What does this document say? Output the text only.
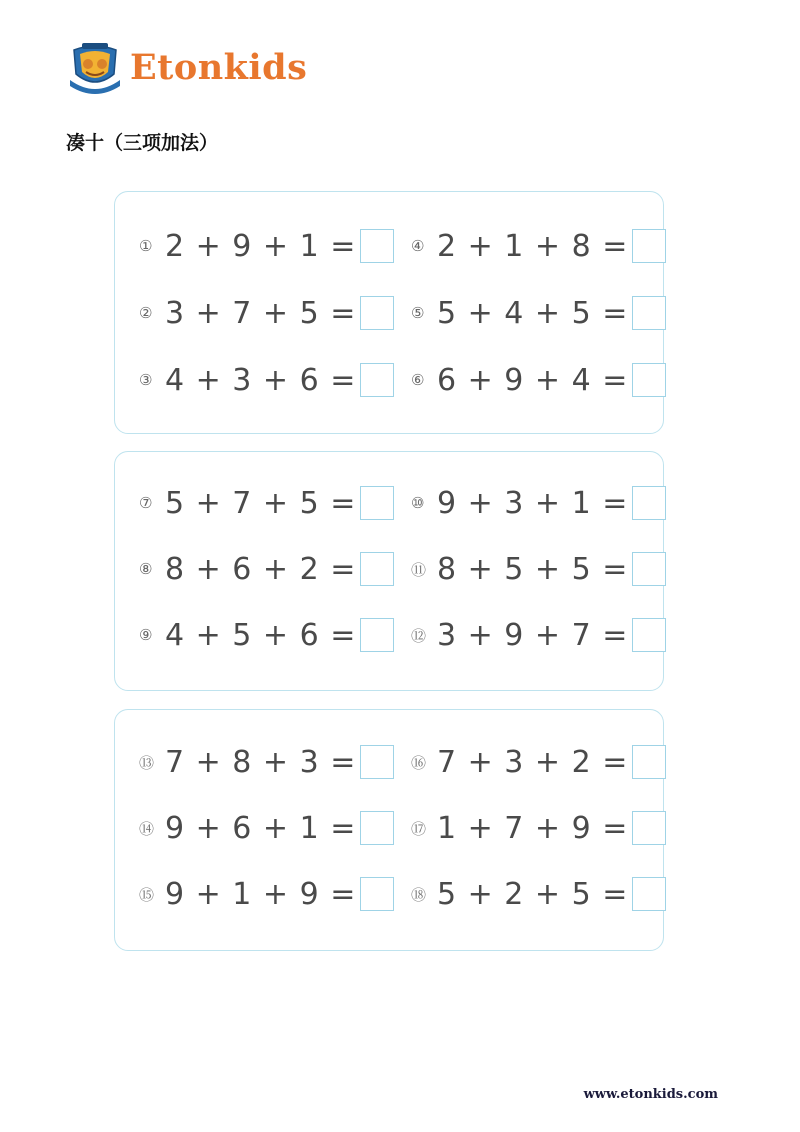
Etonkids
凑十（三项加法）
① 2 + 9 + 1 =
② 3 + 7 + 5 =
③ 4 + 3 + 6 =
④ 2 + 1 + 8 =
⑤ 5 + 4 + 5 =
⑥ 6 + 9 + 4 =
⑦ 5 + 7 + 5 =
⑧ 8 + 6 + 2 =
⑨ 4 + 5 + 6 =
⑩ 9 + 3 + 1 =
⑪ 8 + 5 + 5 =
⑫ 3 + 9 + 7 =
⑬ 7 + 8 + 3 =
⑭ 9 + 6 + 1 =
⑮ 9 + 1 + 9 =
⑯ 7 + 3 + 2 =
⑰ 1 + 7 + 9 =
⑱ 5 + 2 + 5 =
www.etonkids.com
